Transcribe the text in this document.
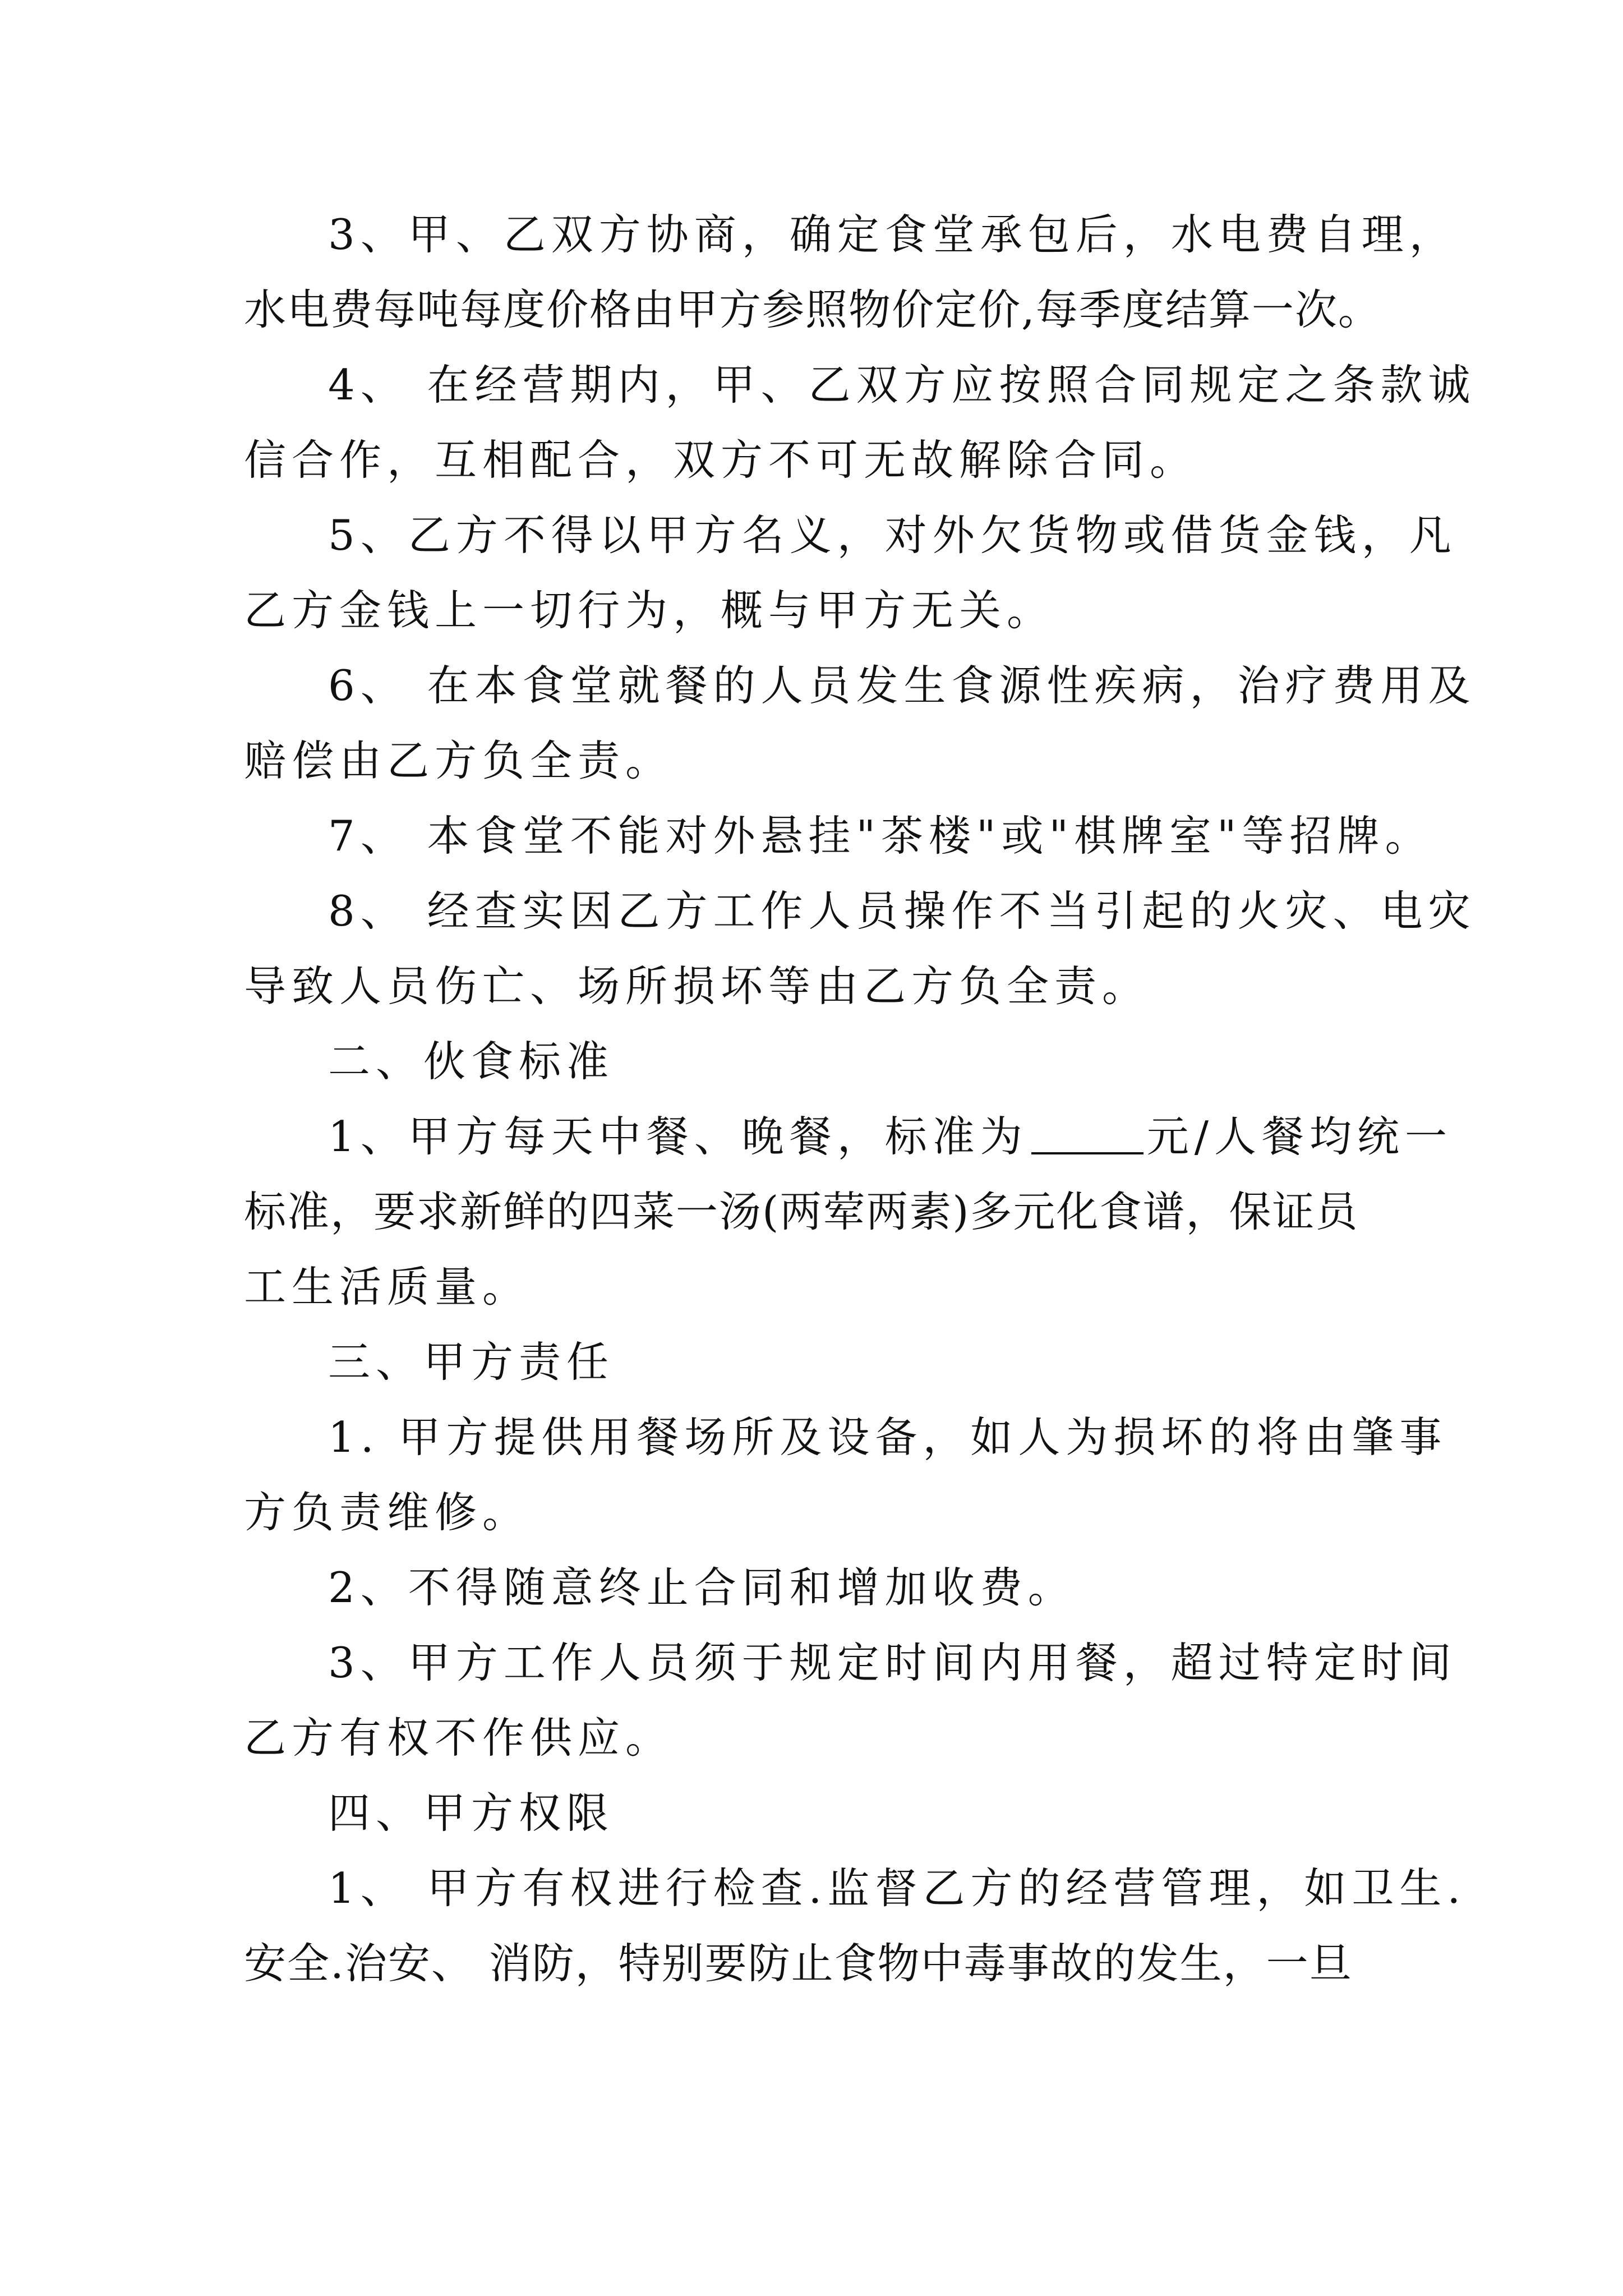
3、甲、乙双方协商，确定食堂承包后，水电费自理，
水电费每吨每度价格由甲方参照物价定价,每季度结算一次。
4、 在经营期内，甲、乙双方应按照合同规定之条款诚
信合作，互相配合，双方不可无故解除合同。
5、乙方不得以甲方名义，对外欠货物或借货金钱，凡
乙方金钱上一切行为，概与甲方无关。
6、 在本食堂就餐的人员发生食源性疾病，治疗费用及
赔偿由乙方负全责。
7、 本食堂不能对外悬挂"茶楼"或"棋牌室"等招牌。
8、 经查实因乙方工作人员操作不当引起的火灾、电灾
导致人员伤亡、场所损坏等由乙方负全责。
二、伙食标准
1、甲方每天中餐、晚餐，标准为	元/人餐均统一
标准，要求新鲜的四菜一汤(两荤两素)多元化食谱，保证员
工生活质量。
三、甲方责任
1. 甲方提供用餐场所及设备，如人为损坏的将由肇事
方负责维修。
2、不得随意终止合同和增加收费。
3、甲方工作人员须于规定时间内用餐，超过特定时间
乙方有权不作供应。
四、甲方权限
1、 甲方有权进行检查.监督乙方的经营管理，如卫生.
安全.治安、 消防，特别要防止食物中毒事故的发生，一旦
